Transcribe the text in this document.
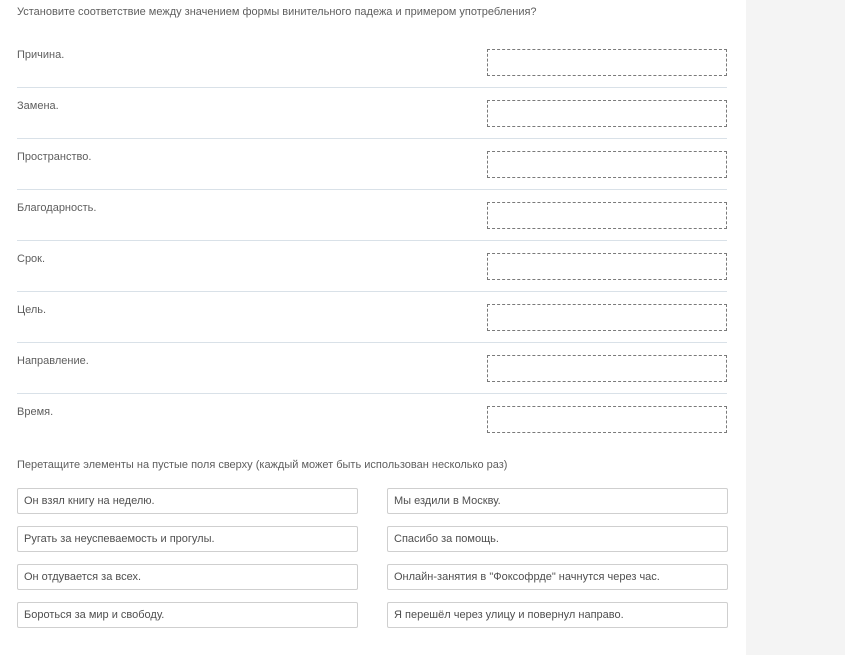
Установите соответствие между значением формы винительного падежа и примером употребления?
Причина.
Замена.
Пространство.
Благодарность.
Срок.
Цель.
Направление.
Время.
Перетащите элементы на пустые поля сверху (каждый может быть использован несколько раз)
Он взял книгу на неделю.	Мы ездили в Москву.
Ругать за неуспеваемость и прогулы.	Спасибо за помощь.
Он отдувается за всех.	Онлайн-занятия в "Фоксофрде" начнутся через час.
Бороться за мир и свободу.	Я перешёл через улицу и повернул направо.
